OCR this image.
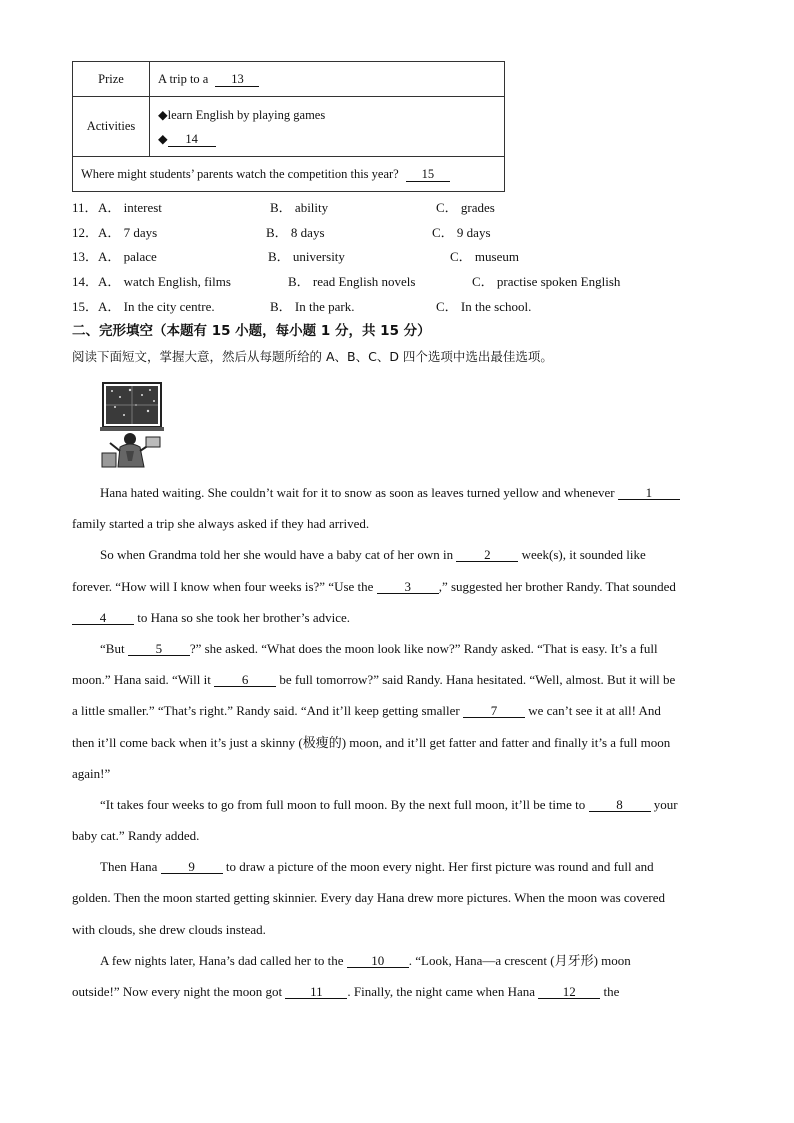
Prize	A trip to a 13
Activities	◆learn English by playing games
◆ 14

Where might students’ parents watch the competition this year? 15	
11． A． interest	B． ability	C． grades
12． A． 7 days	B． 8 days	C． 9 days
13． A． palace	B． university	C． museum
14． A． watch English, films	B． read English novels	C． practise spoken English
15． A． In the city centre.	B． In the park.	C． In the school.
二、完形填空（本题有 15 小题，每小题 1 分，共 15 分）
阅读下面短文，掌握大意，然后从每题所给的 A、B、C、D 四个选项中选出最佳选项。
Hana hated waiting. She couldn’t wait for it to snow as soon as leaves turned yellow and whenever 1
family started a trip she always asked if they had arrived.
So when Grandma told her she would have a baby cat of her own in 2 week(s), it sounded like
forever. “How will I know when four weeks is?” “Use the 3 ,” suggested her brother Randy. That sounded
4 to Hana so she took her brother’s advice.
“But 5 ?” she asked. “What does the moon look like now?” Randy asked. “That is easy. It’s a full
moon.” Hana said. “Will it 6 be full tomorrow?” said Randy. Hana hesitated. “Well, almost. But it will be
a little smaller.” “That’s right.” Randy said. “And it’ll keep getting smaller 7 we can’t see it at all! And
then it’ll come back when it’s just a skinny (极瘦的) moon, and it’ll get fatter and fatter and finally it’s a full moon
again!”
“It takes four weeks to go from full moon to full moon. By the next full moon, it’ll be time to 8 your
baby cat.” Randy added.
Then Hana 9 to draw a picture of the moon every night. Her first picture was round and full and
golden. Then the moon started getting skinnier. Every day Hana drew more pictures. When the moon was covered
with clouds, she drew clouds instead.
A few nights later, Hana’s dad called her to the 10 . “Look, Hana—a crescent (月牙形) moon
outside!” Now every night the moon got 11 . Finally, the night came when Hana 12 the
